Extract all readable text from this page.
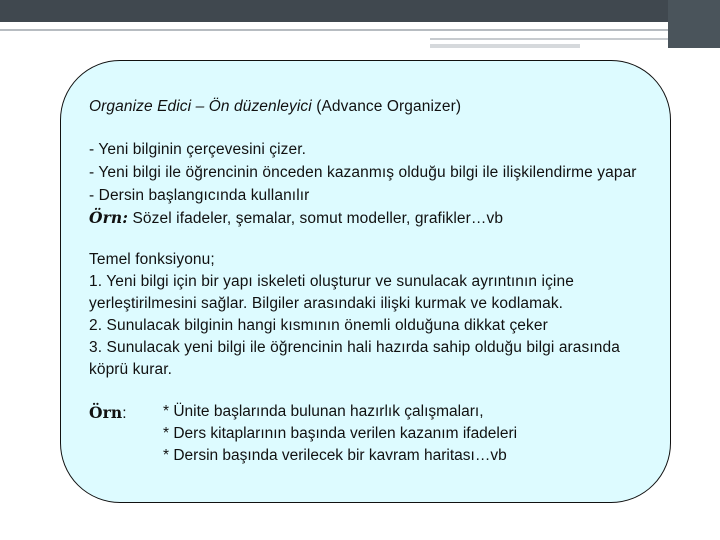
Organize Edici – Ön düzenleyici (Advance Organizer)
- Yeni bilginin çerçevesini çizer.
- Yeni bilgi ile öğrencinin önceden kazanmış olduğu bilgi ile ilişkilendirme yapar
- Dersin başlangıcında kullanılır
Örn: Sözel ifadeler, şemalar, somut modeller, grafikler…vb
Temel fonksiyonu;
1. Yeni bilgi için bir yapı iskeleti oluşturur ve sunulacak ayrıntının içine
yerleştirilmesini sağlar. Bilgiler arasındaki ilişki kurmak ve kodlamak.
2. Sunulacak bilginin hangi kısmının önemli olduğuna dikkat çeker
3. Sunulacak yeni bilgi ile öğrencinin hali hazırda sahip olduğu bilgi arasında
köprü kurar.
Örn: * Ünite başlarında bulunan hazırlık çalışmaları,
* Ders kitaplarının başında verilen kazanım ifadeleri
* Dersin başında verilecek bir kavram haritası…vb
